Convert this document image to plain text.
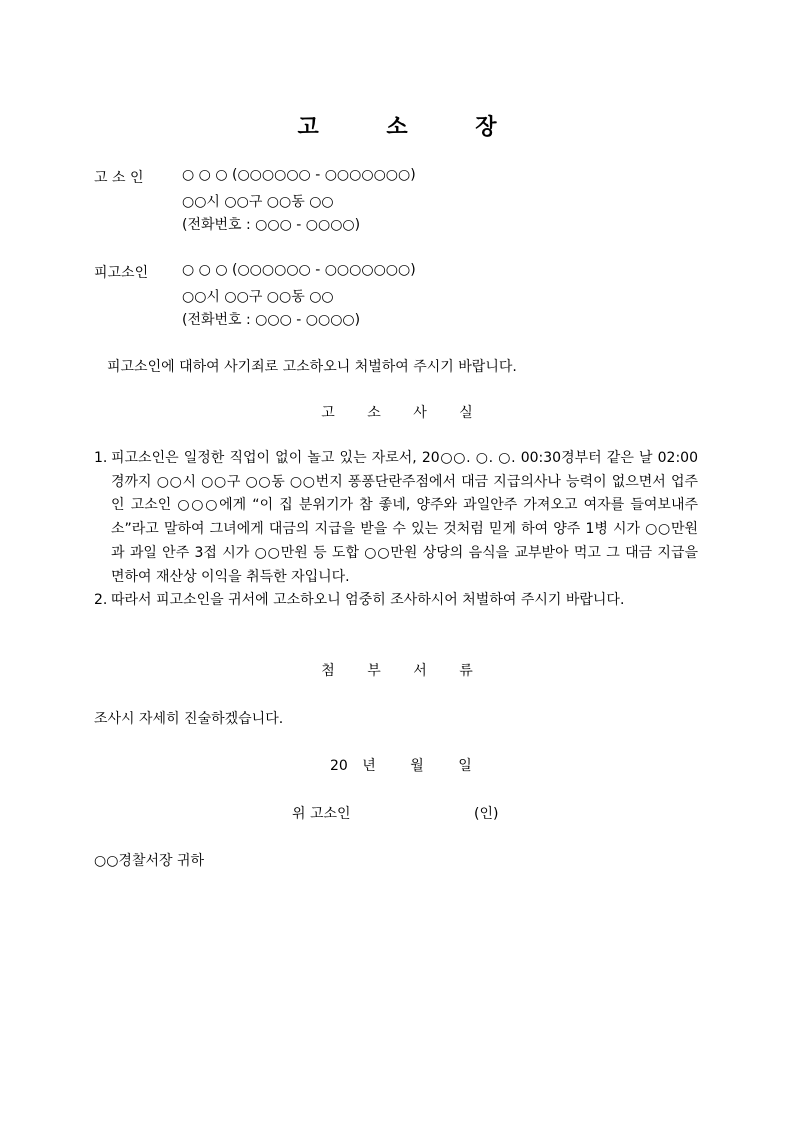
고 소 장
고 소 인	○ ○ ○ (○○○○○○ - ○○○○○○○)
○○시 ○○구 ○○동 ○○
(전화번호 : ○○○ - ○○○○)
피고소인 ○ ○ ○ (○○○○○○ - ○○○○○○○)
○○시 ○○구 ○○동 ○○
(전화번호 : ○○○ - ○○○○)
피고소인에 대하여 사기죄로 고소하오니 처벌하여 주시기 바랍니다.
고 소 사 실
1. 피고소인은 일정한 직업이 없이 놀고 있는 자로서, 20○○. ○. ○. 00:30경부터 같은 날 02:00경까지 ○○시 ○○구 ○○동 ○○번지 퐁퐁단란주점에서 대금 지급의사나 능력이 없으면서 업주인 고소인 ○○○에게 “이 집 분위기가 참 좋네, 양주와 과일안주 가져오고 여자를 들여보내주소”라고 말하여 그녀에게 대금의 지급을 받을 수 있는 것처럼 믿게 하여 양주 1병 시가 ○○만원과 과일 안주 3접 시가 ○○만원 등 도합 ○○만원 상당의 음식을 교부받아 먹고 그 대금 지급을 면하여 재산상 이익을 취득한 자입니다.
2. 따라서 피고소인을 귀서에 고소하오니 엄중히 조사하시어 처벌하여 주시기 바랍니다.
첨 부 서 류
조사시 자세히 진술하겠습니다.
20 년 월 일
위 고소인	(인)
○○경찰서장 귀하
